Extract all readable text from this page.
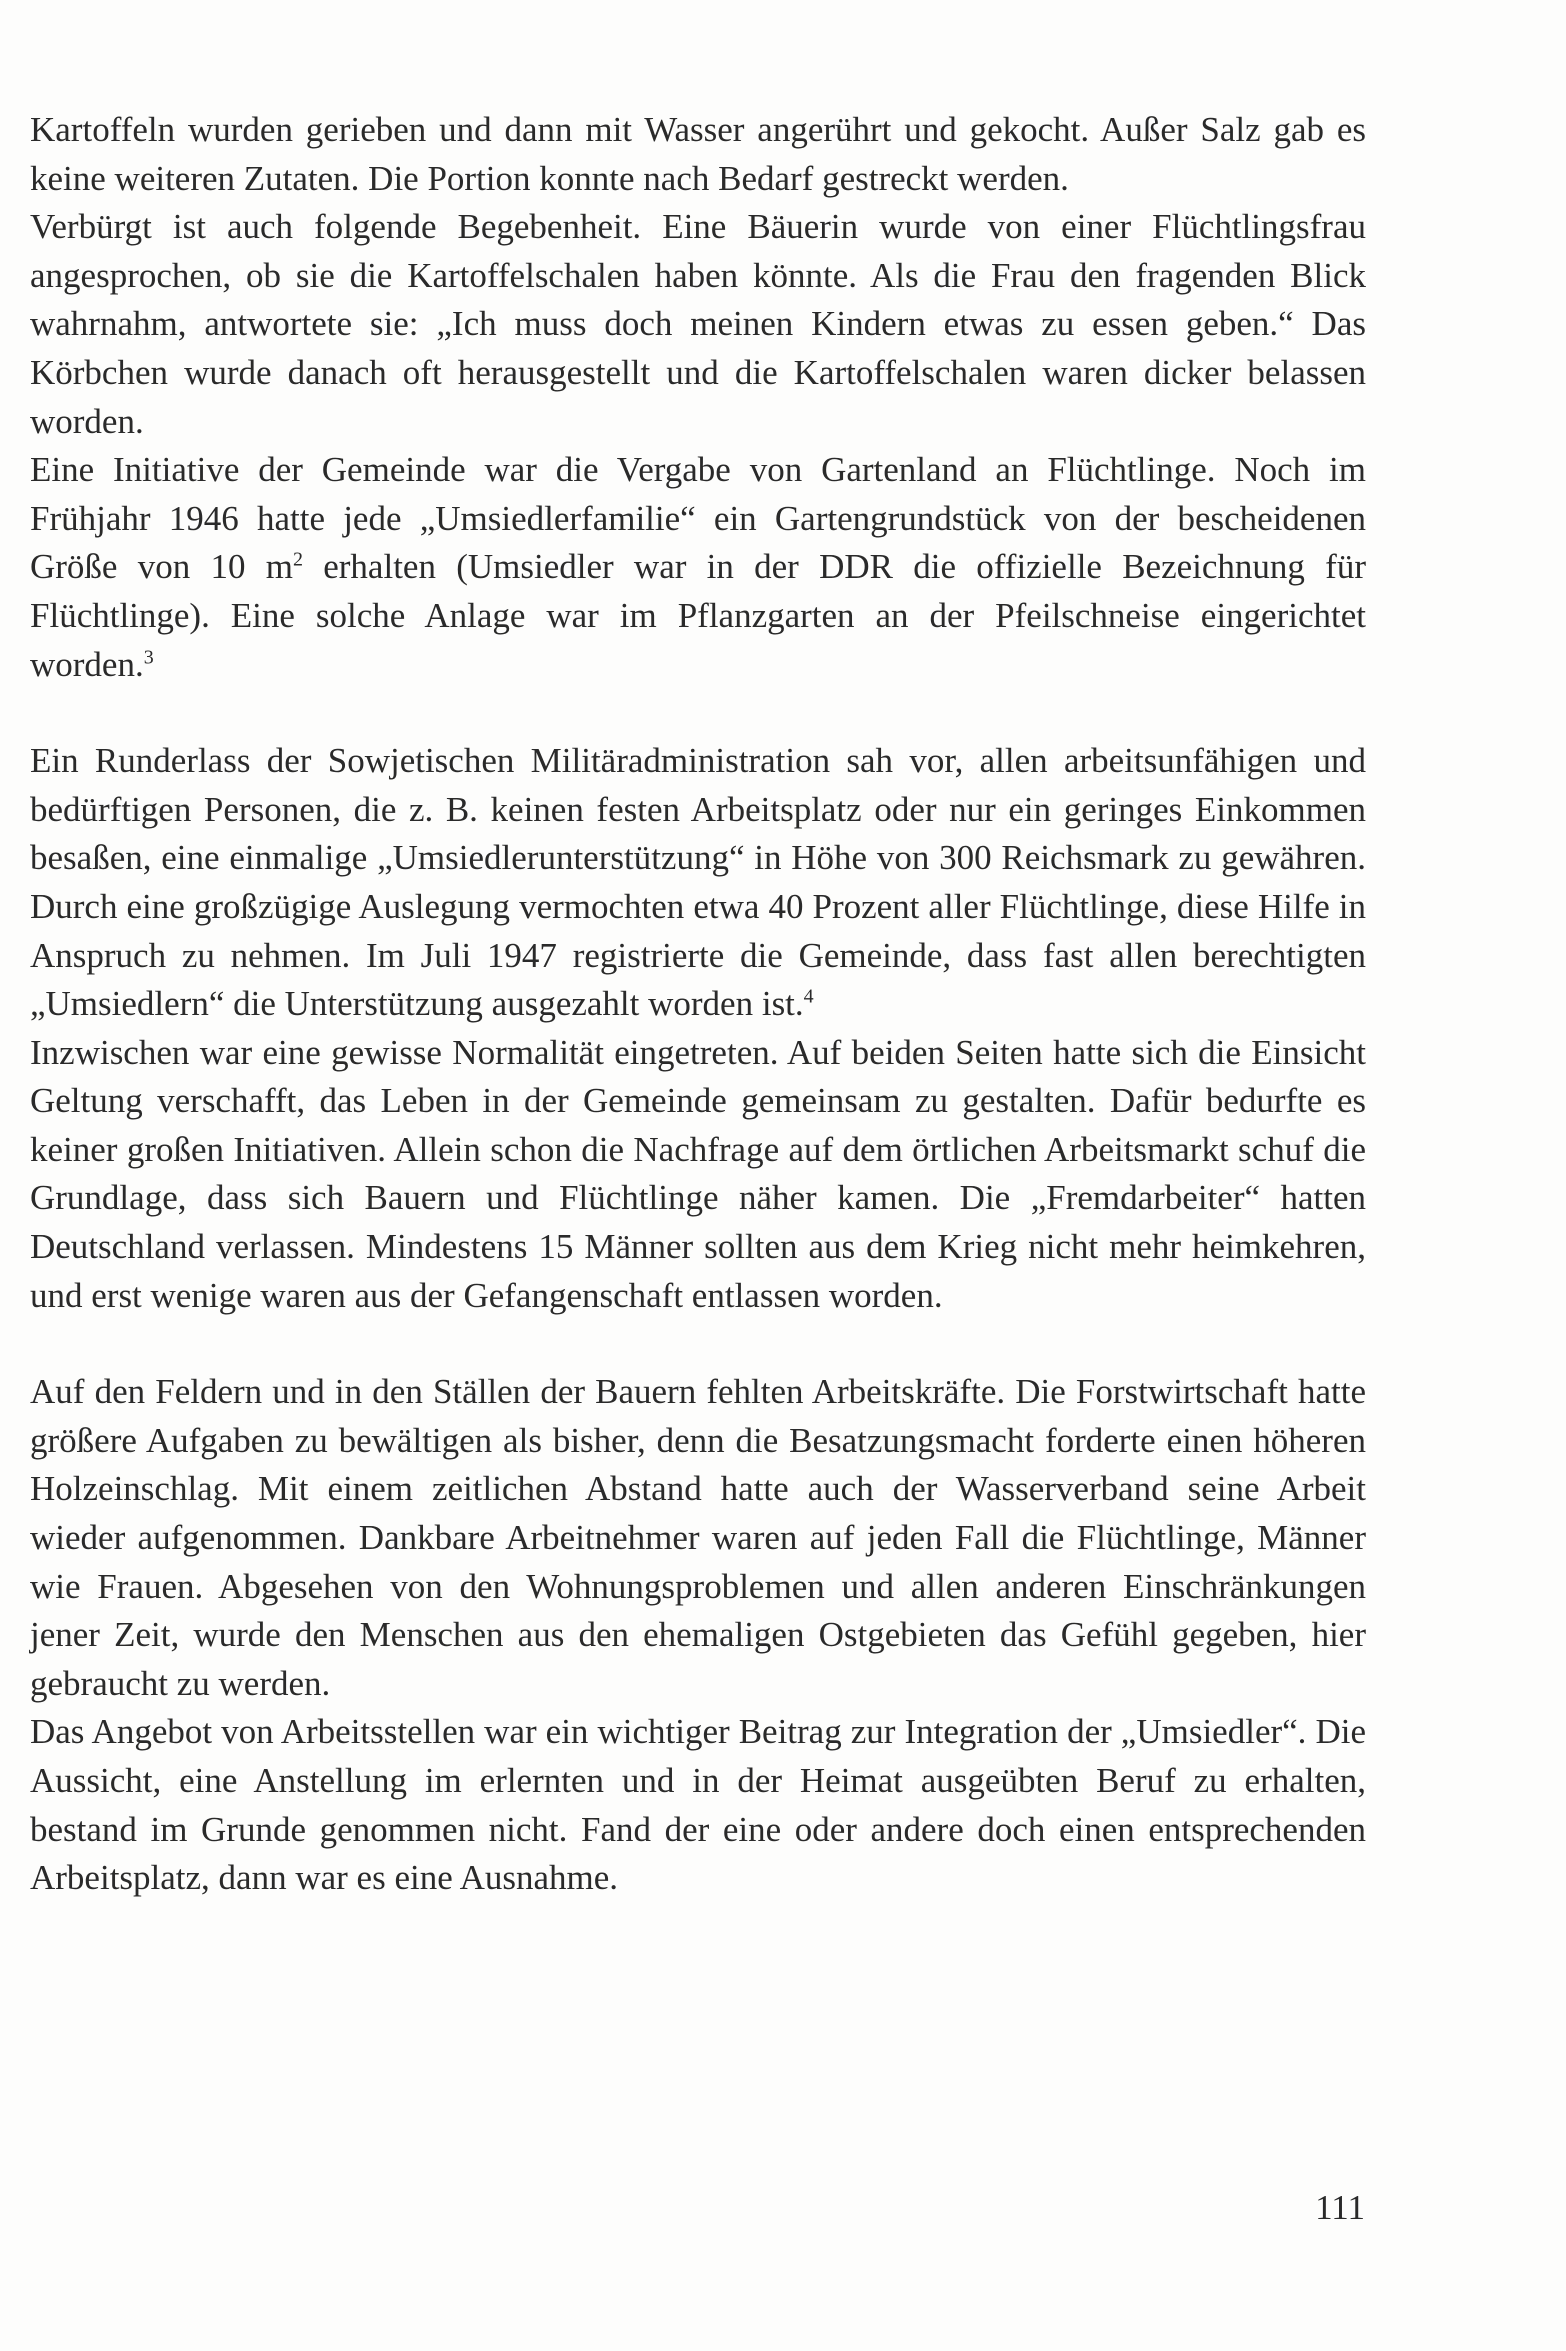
Kartoffeln wurden gerieben und dann mit Wasser angerührt und gekocht. Außer Salz gab es keine weiteren Zutaten. Die Portion konnte nach Bedarf gestreckt werden.

Verbürgt ist auch folgende Begebenheit. Eine Bäuerin wurde von einer Flüchtlingsfrau angesprochen, ob sie die Kartoffelschalen haben könnte. Als die Frau den fragenden Blick wahrnahm, antwortete sie: „Ich muss doch meinen Kindern etwas zu essen geben.“ Das Körbchen wurde danach oft herausgestellt und die Kartoffelschalen waren dicker belassen worden.

Eine Initiative der Gemeinde war die Vergabe von Gartenland an Flüchtlinge. Noch im Frühjahr 1946 hatte jede „Umsiedlerfamilie“ ein Gartengrundstück von der bescheidenen Größe von 10 m$^2$ erhalten (Umsiedler war in der DDR die offizielle Bezeichnung für Flüchtlinge). Eine solche Anlage war im Pflanzgarten an der Pfeilschneise eingerichtet worden.$^3$

Ein Runderlass der Sowjetischen Militäradministration sah vor, allen arbeitsunfähigen und bedürftigen Personen, die z. B. keinen festen Arbeitsplatz oder nur ein geringes Einkommen besaßen, eine einmalige „Umsiedlerunterstützung“ in Höhe von 300 Reichsmark zu gewähren. Durch eine großzügige Auslegung vermochten etwa 40 Prozent aller Flüchtlinge, diese Hilfe in Anspruch zu nehmen. Im Juli 1947 registrierte die Gemeinde, dass fast allen berechtigten „Umsiedlern“ die Unterstützung ausgezahlt worden ist.$^4$

Inzwischen war eine gewisse Normalität eingetreten. Auf beiden Seiten hatte sich die Einsicht Geltung verschafft, das Leben in der Gemeinde gemeinsam zu gestalten. Dafür bedurfte es keiner großen Initiativen. Allein schon die Nachfrage auf dem örtlichen Arbeitsmarkt schuf die Grundlage, dass sich Bauern und Flüchtlinge näher kamen. Die „Fremdarbeiter“ hatten Deutschland verlassen. Mindestens 15 Männer sollten aus dem Krieg nicht mehr heimkehren, und erst wenige waren aus der Gefangenschaft entlassen worden.

Auf den Feldern und in den Ställen der Bauern fehlten Arbeitskräfte. Die Forstwirtschaft hatte größere Aufgaben zu bewältigen als bisher, denn die Besatzungsmacht forderte einen höheren Holzeinschlag. Mit einem zeitlichen Abstand hatte auch der Wasserverband seine Arbeit wieder aufgenommen. Dankbare Arbeitnehmer waren auf jeden Fall die Flüchtlinge, Männer wie Frauen. Abgesehen von den Wohnungsproblemen und allen anderen Einschränkungen jener Zeit, wurde den Menschen aus den ehemaligen Ostgebieten das Gefühl gegeben, hier gebraucht zu werden.

Das Angebot von Arbeitsstellen war ein wichtiger Beitrag zur Integration der „Umsiedler“. Die Aussicht, eine Anstellung im erlernten und in der Heimat ausgeübten Beruf zu erhalten, bestand im Grunde genommen nicht. Fand der eine oder andere doch einen entsprechenden Arbeitsplatz, dann war es eine Ausnahme.

111
